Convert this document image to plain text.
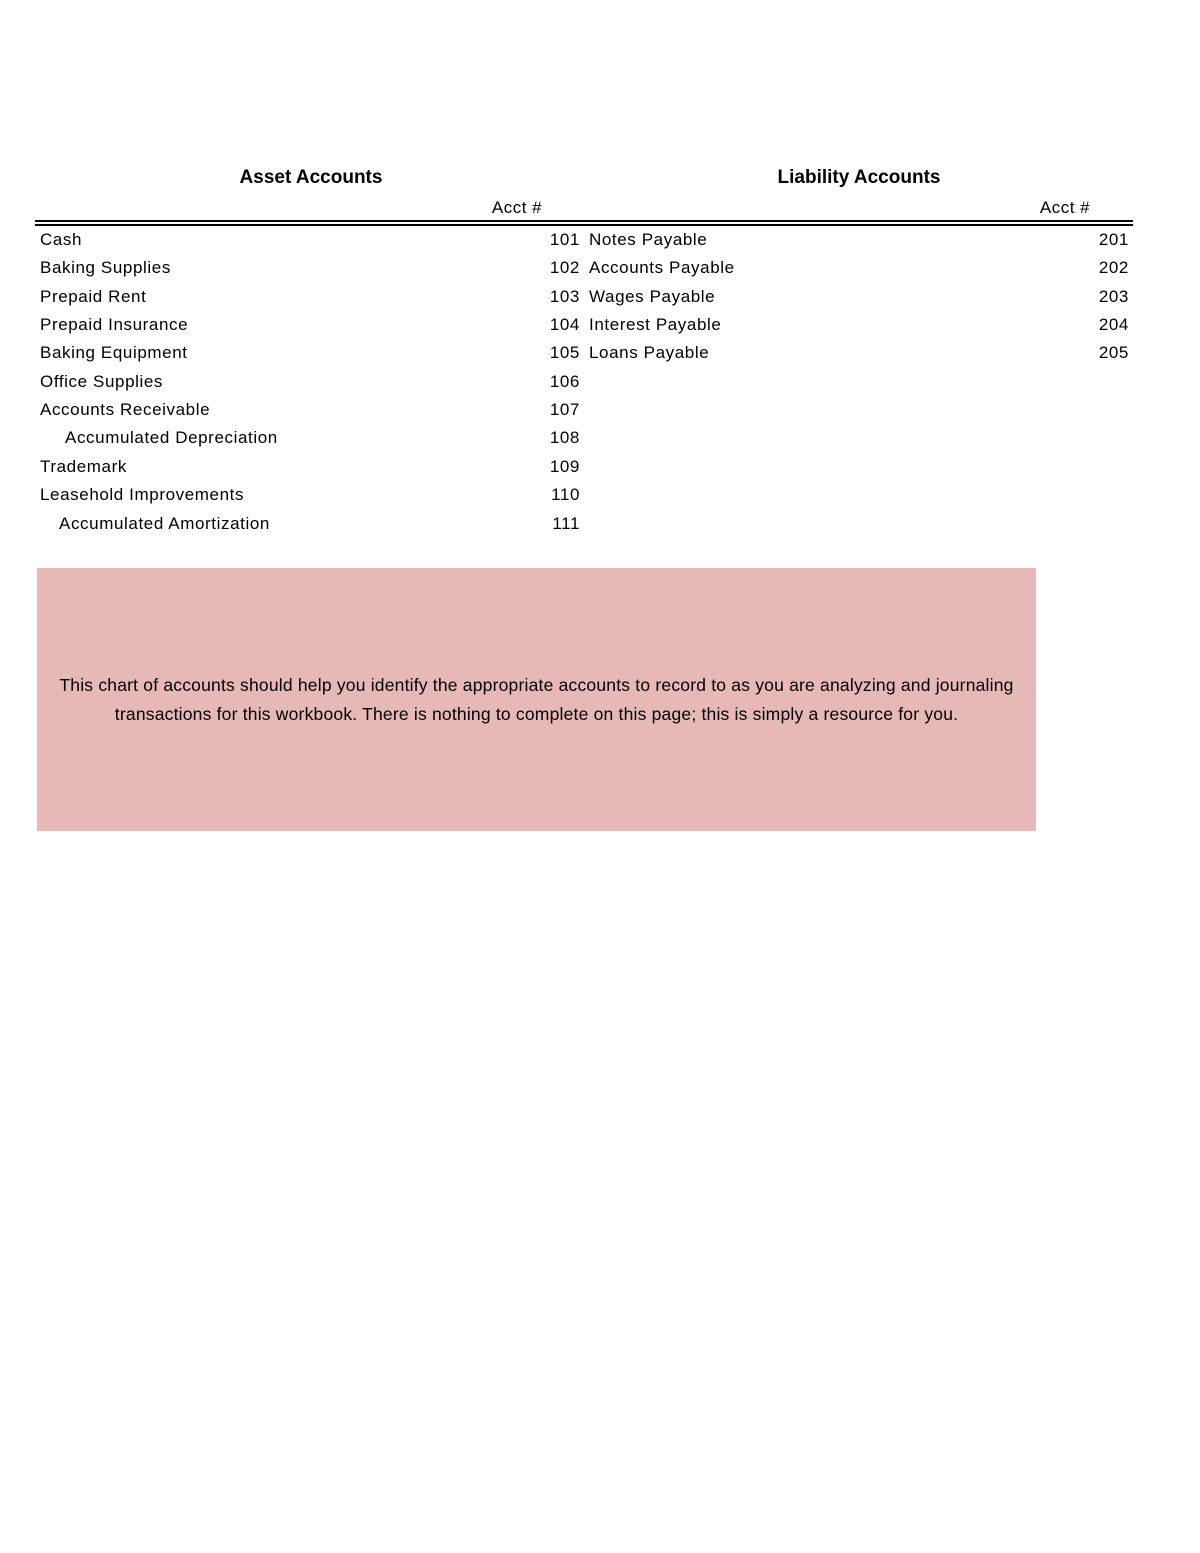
Asset Accounts
Acct #
Liability Accounts
Acct #
Cash	101
Baking Supplies	102
Prepaid Rent	103
Prepaid Insurance	104
Baking Equipment	105
Office Supplies	106
Accounts Receivable	107
Accumulated Depreciation	108
Trademark	109
Leasehold Improvements	110
Accumulated Amortization	111
Notes Payable	201
Accounts Payable	202
Wages Payable	203
Interest Payable	204
Loans Payable	205
This chart of accounts should help you identify the appropriate accounts to record to as you are analyzing and journaling transactions for this workbook. There is nothing to complete on this page; this is simply a resource for you.
